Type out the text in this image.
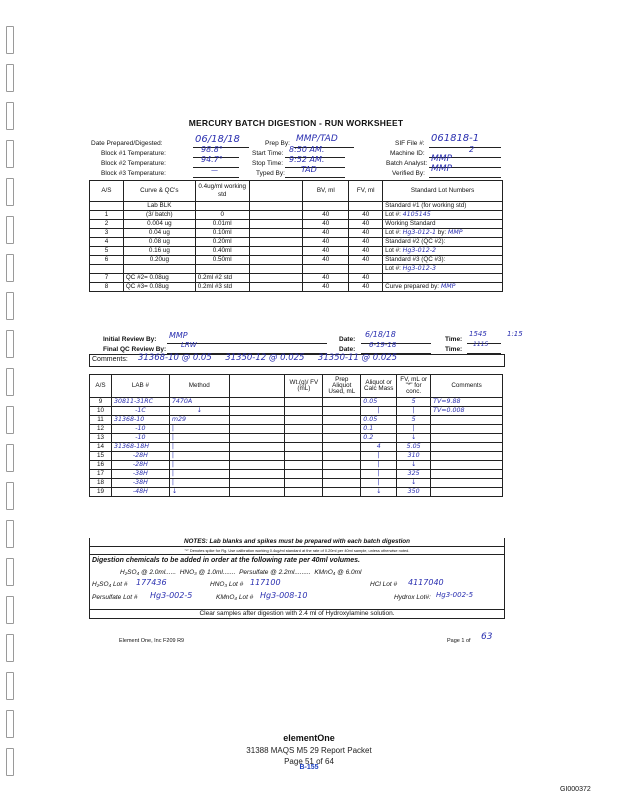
MERCURY BATCH DIGESTION - RUN WORKSHEET
Date Prepared/Digested:	06/18/18	Prep By: MMP/TAD	SIF File #: 061818-1
Block #1 Temperature:	98.8°	Start Time: 8:50 AM.	Machine ID:	2
Block #2 Temperature:	94.7°	Stop Time: 9:52 AM.	Batch Analyst: MMP
Block #3 Temperature:	—	Typed By: TAD	Verified By: MMP
A/S	Curve & QC's	0.4ug/ml working std		BV, ml	FV, ml	Standard Lot Numbers
	Lab BLK					Standard #1 (for working std)
1	(3/ batch)	0		40	40	Lot #: 4105145
2	0.004 ug	0.01ml		40	40	Working Standard
3	0.04 ug	0.10ml		40	40	Lot #: Hg3-012-1 by: MMP
4	0.08 ug	0.20ml		40	40	Standard #2 (QC #2):
5	0.16 ug	0.40ml		40	40	Lot #: Hg3-012-2
6	0.20ug	0.50ml		40	40	Standard #3 (QC #3):
						Lot #: Hg3-012-3
7	QC #2= 0.08ug	0.2ml #2 std		40	40	
8	QC #3= 0.08ug	0.2ml #3 std		40	40	Curve prepared by: MMP
Initial Review By: MMP	Date:
6/18/18
Time:
1545	1:15
Final QC Review By:
LRW
Date:
6-19-18
Time:
1115
Comments: 31368-10 @ 0.05     31350-12 @ 0.025     31350-11 @ 0.025
A/S	LAB #	Method		Wt.(g)/ FV (mL)	Prep Aliquot Used, mL	Aliquot or Calc Mass	FV, mL or "*" for conc.	Comments
9	30811-31RC	7470A				0.05	5	TV=9.88
10	-1C	↓				|	|	TV=0.008
11	31368-10	m29				0.05	5	
12	-10	|				0.1	|	
13	-10	|				0.2	↓	
14	31368-18H	|				4	5.05	
15	-28H	|				|	310	
16	-28H	|				|	↓	
17	-38H	|				|	325	
18	-38H	|				|	↓	
19	-48H	↓				↓	350	
NOTES: Lab blanks and spikes must be prepared with each batch digestion
"*" Denotes spike for Rg. Use calibration working 0.4ug/ml standard at the rate of 0.20ml per 40ml sample, unless otherwise noted.
Digestion chemicals to be added in order at the following rate per 40ml volumes.
H₂SO₄ @ 2.0ml......  HNO₃ @ 1.0ml.......  Persulfate @ 2.2ml.........  KMnO₄ @ 6.0ml
H₂SO₄ Lot # 177436	HNO₃ Lot # 117100	HCl Lot # 4117040
Persulfate Lot # Hg3-002-5	KMnO₄ Lot # Hg3-008-10	Hydrox Lot#: Hg3-002-5
Clear samples after digestion with 2.4 ml of Hydroxylamine solution.
Element One, Inc F209 R9	Page 1 of 63
elementOne
31388 MAQS M5 29 Report Packet
Page 51 of 64
B-155
GI000372
